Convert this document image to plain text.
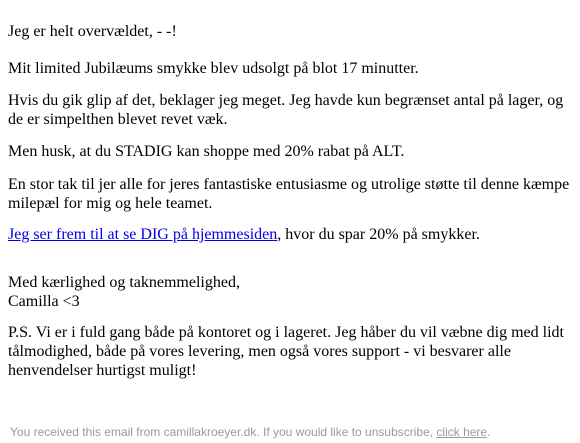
Jeg er helt overvældet, - -!

Mit limited Jubilæums smykke blev udsolgt på blot 17 minutter.

Hvis du gik glip af det, beklager jeg meget. Jeg havde kun begrænset antal på lager, og de er simpelthen blevet revet væk.

Men husk, at du STADIG kan shoppe med 20% rabat på ALT.

En stor tak til jer alle for jeres fantastiske entusiasme og utrolige støtte til denne kæmpe milepæl for mig og hele teamet.

Jeg ser frem til at se DIG på hjemmesiden, hvor du spar 20% på smykker.

Med kærlighed og taknemmelighed,
Camilla <3

P.S. Vi er i fuld gang både på kontoret og i lageret. Jeg håber du vil væbne dig med lidt tålmodighed, både på vores levering, men også vores support - vi besvarer alle henvendelser hurtigst muligt!

You received this email from camillakroeyer.dk. If you would like to unsubscribe, click here.
